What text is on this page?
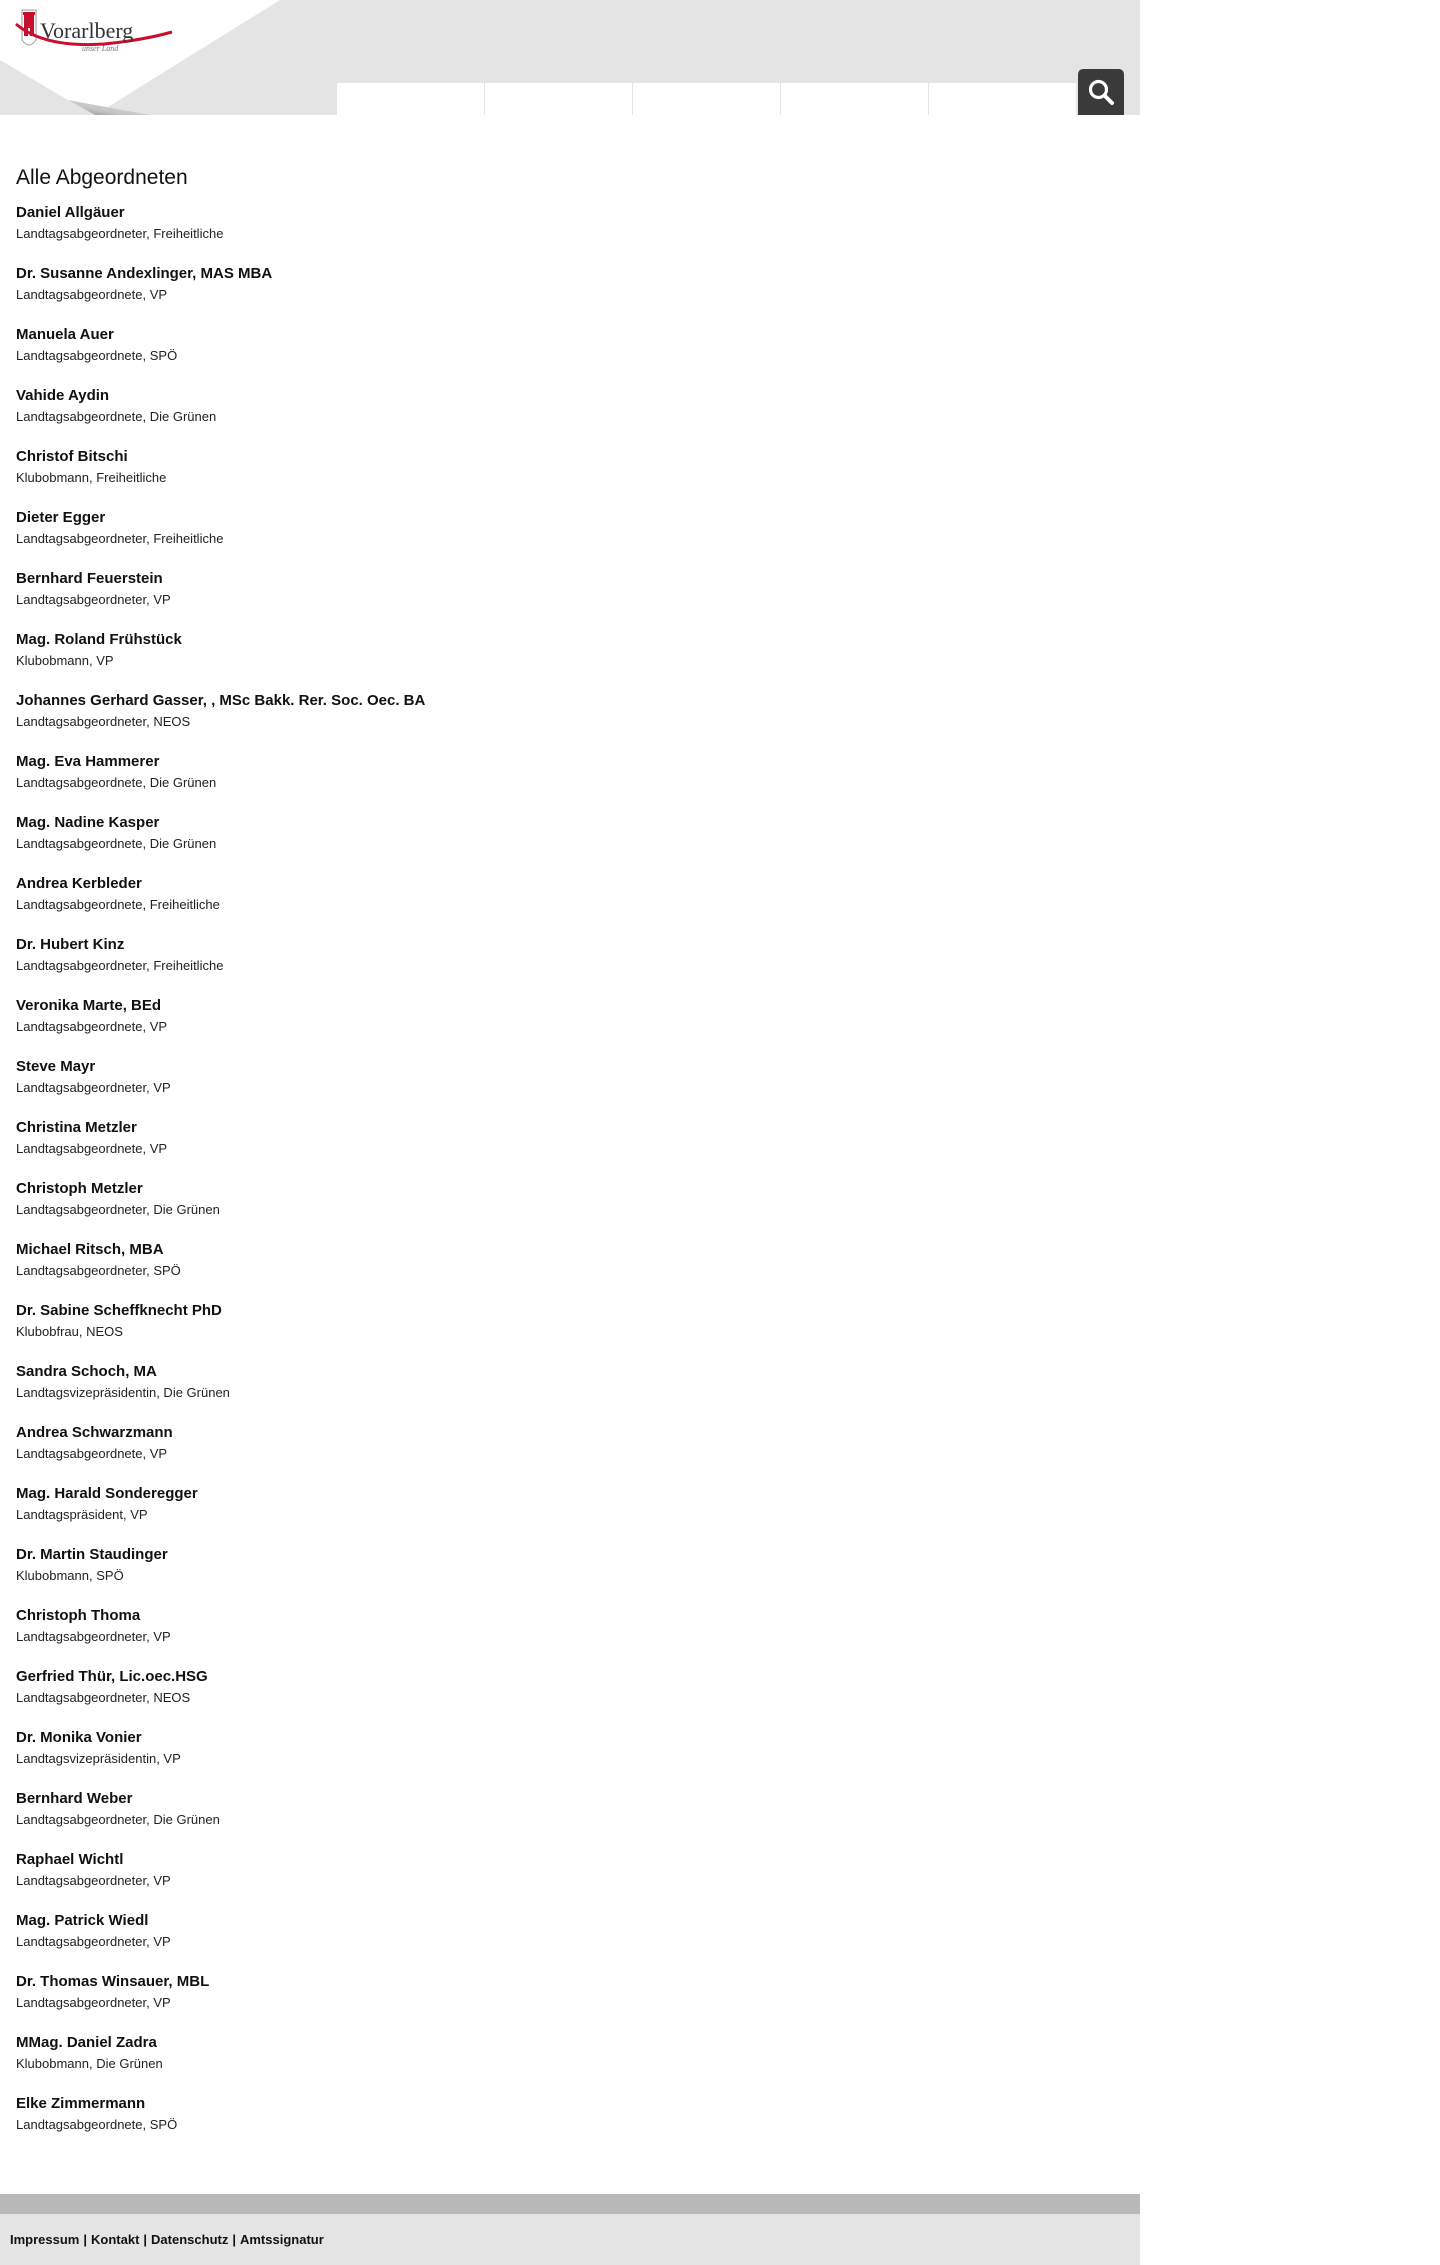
Vorarlberg
unser Land
Alle Abgeordneten
Daniel Allgäuer
Landtagsabgeordneter, Freiheitliche
Dr. Susanne Andexlinger, MAS MBA
Landtagsabgeordnete, VP
Manuela Auer
Landtagsabgeordnete, SPÖ
Vahide Aydin
Landtagsabgeordnete, Die Grünen
Christof Bitschi
Klubobmann, Freiheitliche
Dieter Egger
Landtagsabgeordneter, Freiheitliche
Bernhard Feuerstein
Landtagsabgeordneter, VP
Mag. Roland Frühstück
Klubobmann, VP
Johannes Gerhard Gasser, , MSc Bakk. Rer. Soc. Oec. BA
Landtagsabgeordneter, NEOS
Mag. Eva Hammerer
Landtagsabgeordnete, Die Grünen
Mag. Nadine Kasper
Landtagsabgeordnete, Die Grünen
Andrea Kerbleder
Landtagsabgeordnete, Freiheitliche
Dr. Hubert Kinz
Landtagsabgeordneter, Freiheitliche
Veronika Marte, BEd
Landtagsabgeordnete, VP
Steve Mayr
Landtagsabgeordneter, VP
Christina Metzler
Landtagsabgeordnete, VP
Christoph Metzler
Landtagsabgeordneter, Die Grünen
Michael Ritsch, MBA
Landtagsabgeordneter, SPÖ
Dr. Sabine Scheffknecht PhD
Klubobfrau, NEOS
Sandra Schoch, MA
Landtagsvizepräsidentin, Die Grünen
Andrea Schwarzmann
Landtagsabgeordnete, VP
Mag. Harald Sonderegger
Landtagspräsident, VP
Dr. Martin Staudinger
Klubobmann, SPÖ
Christoph Thoma
Landtagsabgeordneter, VP
Gerfried Thür, Lic.oec.HSG
Landtagsabgeordneter, NEOS
Dr. Monika Vonier
Landtagsvizepräsidentin, VP
Bernhard Weber
Landtagsabgeordneter, Die Grünen
Raphael Wichtl
Landtagsabgeordneter, VP
Mag. Patrick Wiedl
Landtagsabgeordneter, VP
Dr. Thomas Winsauer, MBL
Landtagsabgeordneter, VP
MMag. Daniel Zadra
Klubobmann, Die Grünen
Elke Zimmermann
Landtagsabgeordnete, SPÖ
Impressum | Kontakt | Datenschutz | Amtssignatur
